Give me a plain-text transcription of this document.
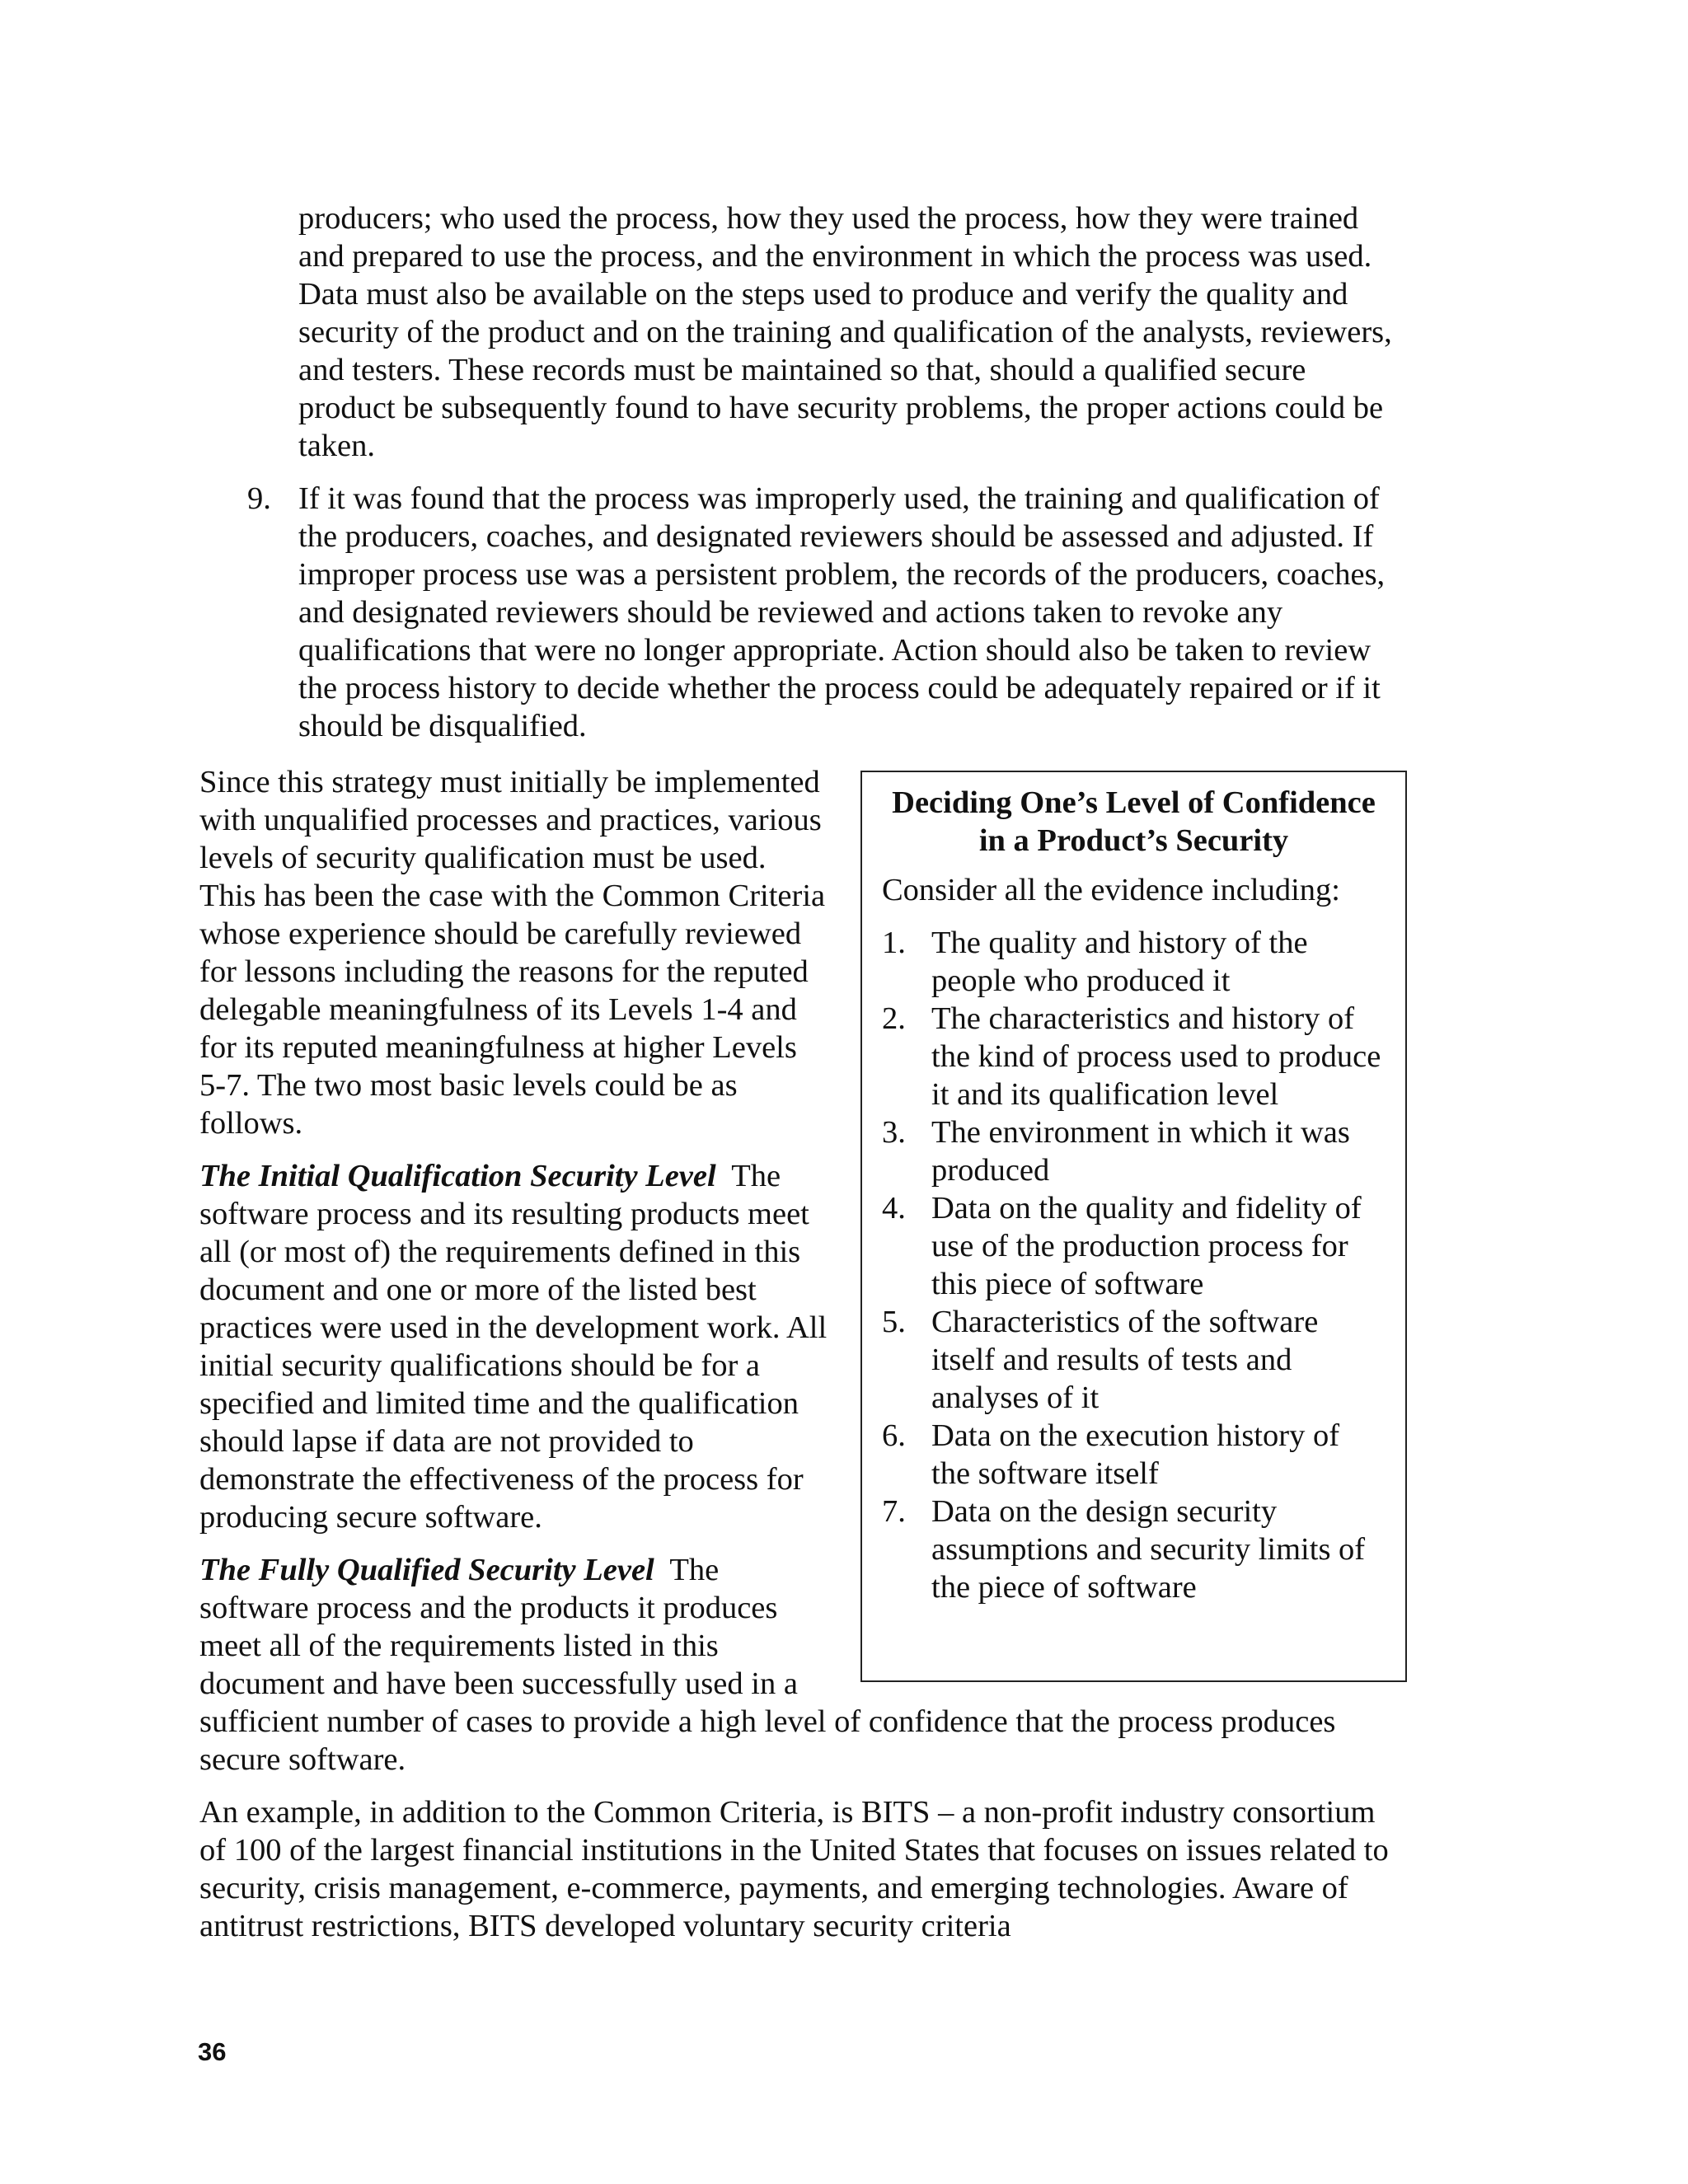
producers; who used the process, how they used the process, how they were trained and prepared to use the process, and the environment in which the process was used. Data must also be available on the steps used to produce and verify the quality and security of the product and on the training and qualification of the analysts, reviewers, and testers. These records must be maintained so that, should a qualified secure product be subsequently found to have security problems, the proper actions could be taken.

9. If it was found that the process was improperly used, the training and qualification of the producers, coaches, and designated reviewers should be assessed and adjusted. If improper process use was a persistent problem, the records of the producers, coaches, and designated reviewers should be reviewed and actions taken to revoke any qualifications that were no longer appropriate. Action should also be taken to review the process history to decide whether the process could be adequately repaired or if it should be disqualified.

Deciding One’s Level of Confidence in a Product’s Security

Consider all the evidence including:

1. The quality and history of the people who produced it
2. The characteristics and history of the kind of process used to produce it and its qualification level
3. The environment in which it was produced
4. Data on the quality and fidelity of use of the production process for this piece of software
5. Characteristics of the software itself and results of tests and analyses of it
6. Data on the execution history of the software itself
7. Data on the design security assumptions and security limits of the piece of software

Since this strategy must initially be implemented with unqualified processes and practices, various levels of security qualification must be used. This has been the case with the Common Criteria whose experience should be carefully reviewed for lessons including the reasons for the reputed delegable meaningfulness of its Levels 1-4 and for its reputed meaningfulness at higher Levels 5-7. The two most basic levels could be as follows.

The Initial Qualification Security Level The software process and its resulting products meet all (or most of) the requirements defined in this document and one or more of the listed best practices were used in the development work. All initial security qualifications should be for a specified and limited time and the qualification should lapse if data are not provided to demonstrate the effectiveness of the process for producing secure software.

The Fully Qualified Security Level The software process and the products it produces meet all of the requirements listed in this document and have been successfully used in a sufficient number of cases to provide a high level of confidence that the process produces secure software.

An example, in addition to the Common Criteria, is BITS – a non-profit industry consortium of 100 of the largest financial institutions in the United States that focuses on issues related to security, crisis management, e-commerce, payments, and emerging technologies. Aware of antitrust restrictions, BITS developed voluntary security criteria

36
